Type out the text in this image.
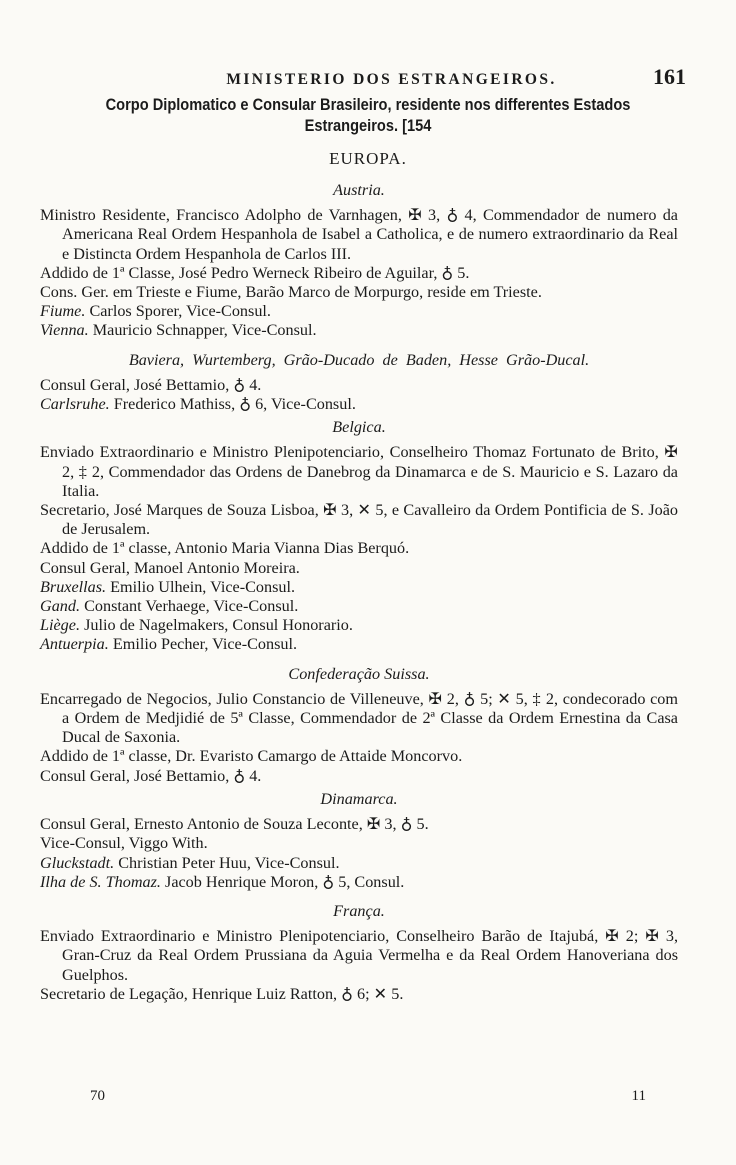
MINISTERIO DOS ESTRANGEIROS.	161
Corpo Diplomatico e Consular Brasileiro, residente nos differentes Estados
Estrangeiros. [154
EUROPA.
Austria.
Ministro Residente, Francisco Adolpho de Varnhagen, ✠ 3, ♁ 4, Commendador de numero da Americana Real Ordem Hespanhola de Isabel a Catholica, e de numero extraordinario da Real e Distincta Ordem Hespanhola de Carlos III.
Addido de 1ª Classe, José Pedro Werneck Ribeiro de Aguilar, ♁ 5.
Cons. Ger. em Trieste e Fiume, Barão Marco de Morpurgo, reside em Trieste.
Fiume. Carlos Sporer, Vice-Consul.
Vienna. Mauricio Schnapper, Vice-Consul.
Baviera, Wurtemberg, Grão-Ducado de Baden, Hesse Grão-Ducal.
Consul Geral, José Bettamio, ♁ 4.
Carlsruhe. Frederico Mathiss, ♁ 6, Vice-Consul.
Belgica.
Enviado Extraordinario e Ministro Plenipotenciario, Conselheiro Thomaz Fortunato de Brito, ✠ 2, ‡ 2, Commendador das Ordens de Danebrog da Dinamarca e de S. Mauricio e S. Lazaro da Italia.
Secretario, José Marques de Souza Lisboa, ✠ 3, ✕ 5, e Cavalleiro da Ordem Pontificia de S. João de Jerusalem.
Addido de 1ª classe, Antonio Maria Vianna Dias Berquó.
Consul Geral, Manoel Antonio Moreira.
Bruxellas. Emilio Ulhein, Vice-Consul.
Gand. Constant Verhaege, Vice-Consul.
Liège. Julio de Nagelmakers, Consul Honorario.
Antuerpia. Emilio Pecher, Vice-Consul.
Confederação Suissa.
Encarregado de Negocios, Julio Constancio de Villeneuve, ✠ 2, ♁ 5; ✕ 5, ‡ 2, condecorado com a Ordem de Medjidié de 5ª Classe, Commendador de 2ª Classe da Ordem Ernestina da Casa Ducal de Saxonia.
Addido de 1ª classe, Dr. Evaristo Camargo de Attaide Moncorvo.
Consul Geral, José Bettamio, ♁ 4.
Dinamarca.
Consul Geral, Ernesto Antonio de Souza Leconte, ✠ 3, ♁ 5.
Vice-Consul, Viggo With.
Gluckstadt. Christian Peter Huu, Vice-Consul.
Ilha de S. Thomaz. Jacob Henrique Moron, ♁ 5, Consul.
França.
Enviado Extraordinario e Ministro Plenipotenciario, Conselheiro Barão de Itajubá, ✠ 2; ✠ 3, Gran-Cruz da Real Ordem Prussiana da Aguia Vermelha e da Real Ordem Hanoveriana dos Guelphos.
Secretario de Legação, Henrique Luiz Ratton, ♁ 6; ✕ 5.
70	11
